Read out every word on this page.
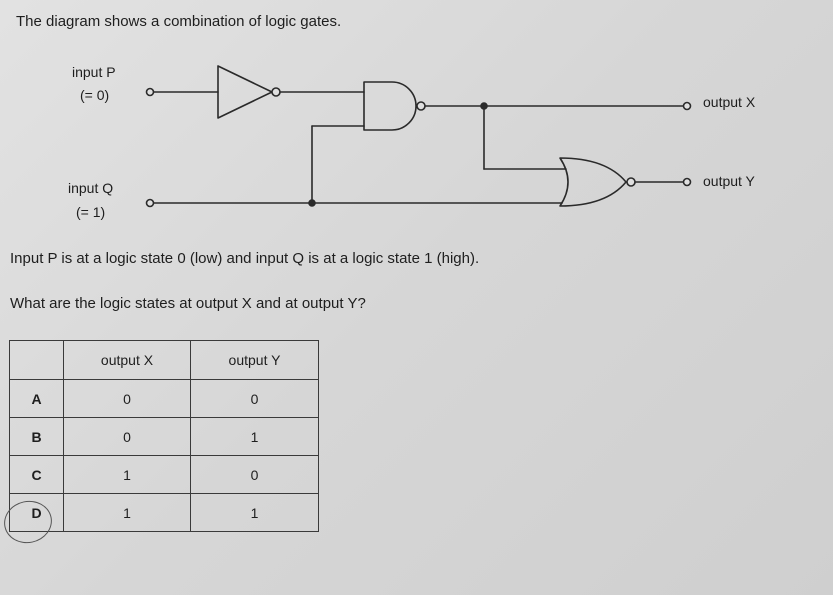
The diagram shows a combination of logic gates.
input P
(= 0)
input Q
(= 1)
output X
output Y
Input P is at a logic state 0 (low) and input Q is at a logic state 1 (high).
What are the logic states at output X and at output Y?
	output X	output Y
A	0	0
B	0	1
C	1	0
D	1	1
